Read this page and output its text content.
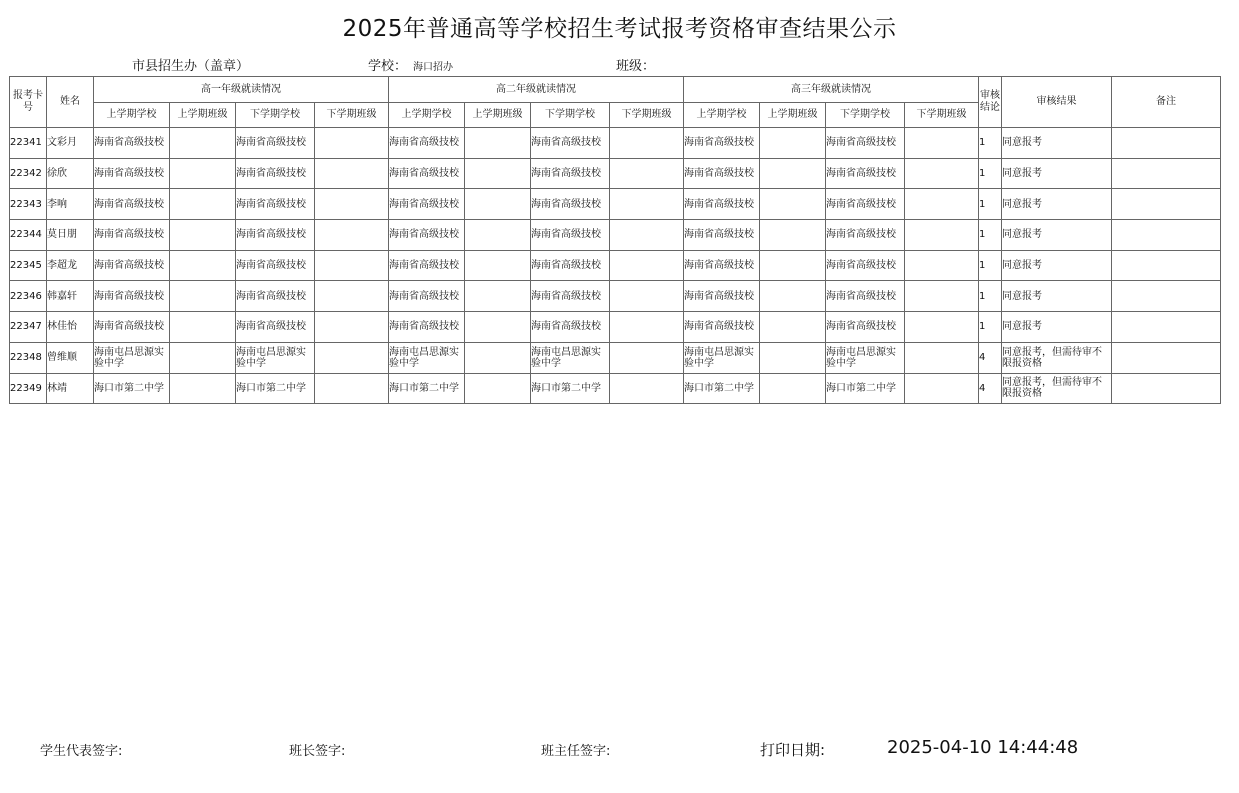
2025年普通高等学校招生考试报考资格审查结果公示
市县招生办（盖章）	学校： 海口招办	班级：
报考卡号	姓名	高一年级就读情况				高二年级就读情况				高三年级就读情况				审核结论	审核结果	备注
		上学期学校	上学期班级	下学期学校	下学期班级	上学期学校	上学期班级	下学期学校	下学期班级	上学期学校	上学期班级	下学期学校	下学期班级			
22341	文彩月	海南省高级技校		海南省高级技校		海南省高级技校		海南省高级技校		海南省高级技校		海南省高级技校		1	同意报考	
22342	徐欣	海南省高级技校		海南省高级技校		海南省高级技校		海南省高级技校		海南省高级技校		海南省高级技校		1	同意报考	
22343	李响	海南省高级技校		海南省高级技校		海南省高级技校		海南省高级技校		海南省高级技校		海南省高级技校		1	同意报考	
22344	莫日朋	海南省高级技校		海南省高级技校		海南省高级技校		海南省高级技校		海南省高级技校		海南省高级技校		1	同意报考	
22345	李超龙	海南省高级技校		海南省高级技校		海南省高级技校		海南省高级技校		海南省高级技校		海南省高级技校		1	同意报考	
22346	韩嘉轩	海南省高级技校		海南省高级技校		海南省高级技校		海南省高级技校		海南省高级技校		海南省高级技校		1	同意报考	
22347	林佳怡	海南省高级技校		海南省高级技校		海南省高级技校		海南省高级技校		海南省高级技校		海南省高级技校		1	同意报考	
22348	曾维顺	海南屯昌思源实验中学		海南屯昌思源实验中学		海南屯昌思源实验中学		海南屯昌思源实验中学		海南屯昌思源实验中学		海南屯昌思源实验中学		4	同意报考，但需待审不限报资格	
22349	林靖	海口市第二中学		海口市第二中学		海口市第二中学		海口市第二中学		海口市第二中学		海口市第二中学		4	同意报考，但需待审不限报资格	
学生代表签字:	班长签字:	班主任签字:	打印日期:	2025-04-10 14:44:48
